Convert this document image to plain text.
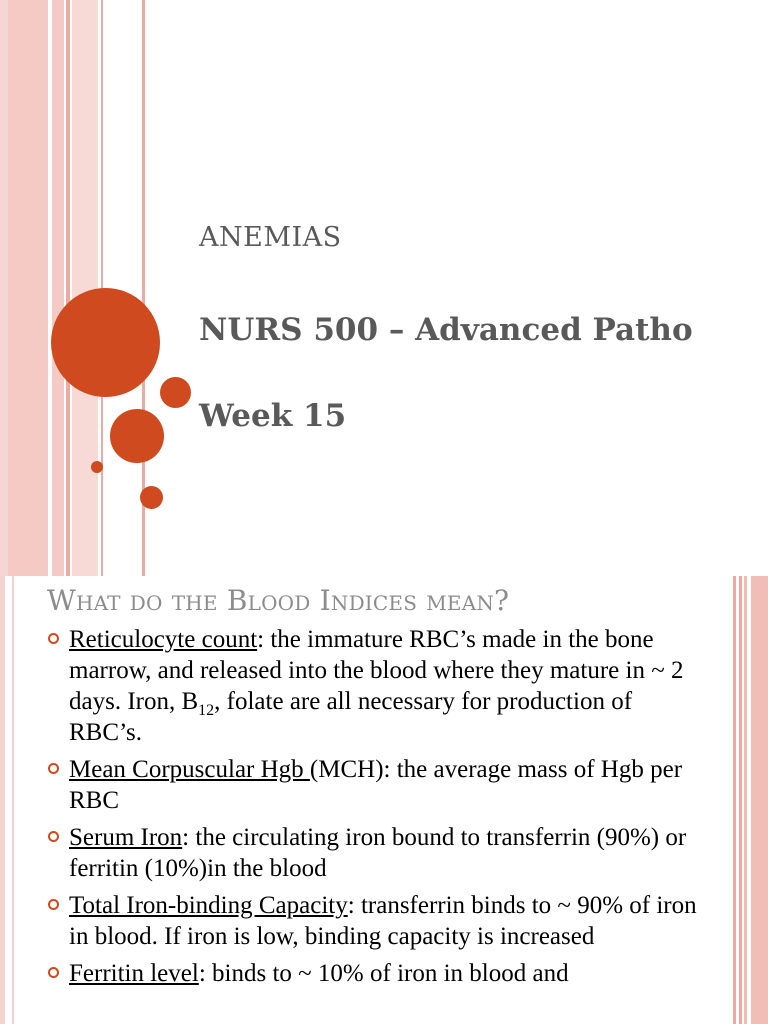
ANEMIAS
NURS 500 – Advanced Patho
Week 15
What do the Blood Indices mean?
Reticulocyte count: the immature RBC’s made in the bone marrow, and released into the blood where they mature in ~ 2 days. Iron, $B_{12}$, folate are all necessary for production of RBC’s.
Mean Corpuscular Hgb (MCH): the average mass of Hgb per RBC
Serum Iron: the circulating iron bound to transferrin (90%) or ferritin (10%)in the blood
Total Iron-binding Capacity: transferrin binds to ~ 90% of iron in blood. If iron is low, binding capacity is increased
Ferritin level: binds to ~ 10% of iron in blood and
